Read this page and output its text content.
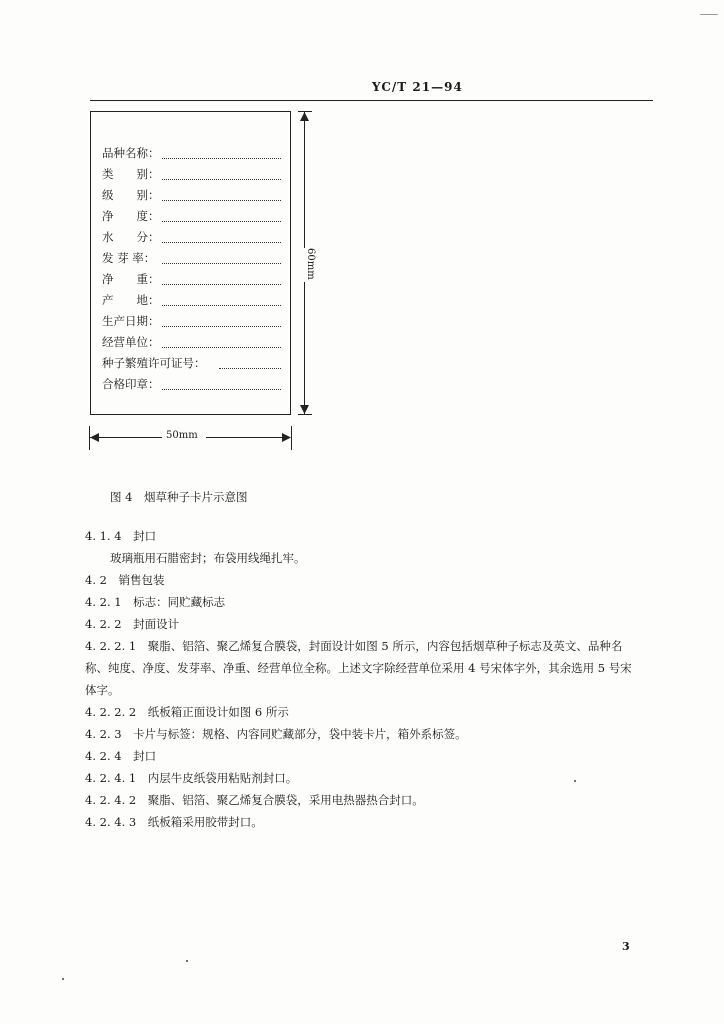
YC/T 21—94
品种名称：
类　　别：
级　　别：
净　　度：
水　　分：
发 芽 率：
净　　重：
产　　地：
生产日期：
经营单位：
种子繁殖许可证号：
合格印章：
60mm
50mm
图 4　烟草种子卡片示意图
4. 1. 4　封口
玻璃瓶用石腊密封；布袋用线绳扎牢。
4. 2　销售包装
4. 2. 1　标志：同贮藏标志
4. 2. 2　封面设计
4. 2. 2. 1　聚脂、铝箔、聚乙烯复合膜袋，封面设计如图 5 所示，内容包括烟草种子标志及英文、品种名
称、纯度、净度、发芽率、净重、经营单位全称。上述文字除经营单位采用 4 号宋体字外，其余选用 5 号宋
体字。
4. 2. 2. 2　纸板箱正面设计如图 6 所示
4. 2. 3　卡片与标签：规格、内容同贮藏部分，袋中装卡片，箱外系标签。
4. 2. 4　封口
4. 2. 4. 1　内层牛皮纸袋用粘贴剂封口。
4. 2. 4. 2　聚脂、铝箔、聚乙烯复合膜袋，采用电热器热合封口。
4. 2. 4. 3　纸板箱采用胶带封口。
3
